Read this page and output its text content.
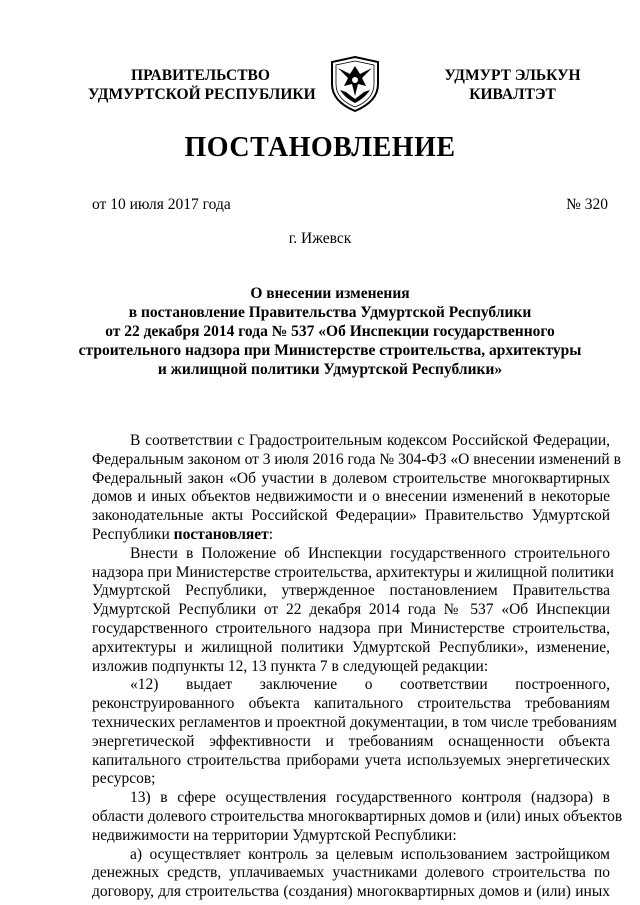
ПРАВИТЕЛЬСТВО
УДМУРТСКОЙ РЕСПУБЛИКИ
УДМУРТ ЭЛЬКУН
КИВАЛТЭТ
ПОСТАНОВЛЕНИЕ
от 10 июля 2017 года	№ 320
г. Ижевск
О внесении изменения
в постановление Правительства Удмуртской Республики
от 22 декабря 2014 года № 537 «Об Инспекции государственного
строительного надзора при Министерстве строительства, архитектуры
и жилищной политики Удмуртской Республики»
В соответствии с Градостроительным кодексом Российской Федерации,
Федеральным законом от 3 июля 2016 года № 304-ФЗ «О внесении изменений в
Федеральный закон «Об участии в долевом строительстве многоквартирных
домов и иных объектов недвижимости и о внесении изменений в некоторые
законодательные акты Российской Федерации» Правительство Удмуртской
Республики постановляет:
Внести в Положение об Инспекции государственного строительного
надзора при Министерстве строительства, архитектуры и жилищной политики
Удмуртской Республики, утвержденное постановлением Правительства
Удмуртской Республики от 22 декабря 2014 года № 537 «Об Инспекции
государственного строительного надзора при Министерстве строительства,
архитектуры и жилищной политики Удмуртской Республики», изменение,
изложив подпункты 12, 13 пункта 7 в следующей редакции:
«12) выдает заключение о соответствии построенного,
реконструированного объекта капитального строительства требованиям
технических регламентов и проектной документации, в том числе требованиям
энергетической эффективности и требованиям оснащенности объекта
капитального строительства приборами учета используемых энергетических
ресурсов;
13) в сфере осуществления государственного контроля (надзора) в
области долевого строительства многоквартирных домов и (или) иных объектов
недвижимости на территории Удмуртской Республики:
а) осуществляет контроль за целевым использованием застройщиком
денежных средств, уплачиваемых участниками долевого строительства по
договору, для строительства (создания) многоквартирных домов и (или) иных
